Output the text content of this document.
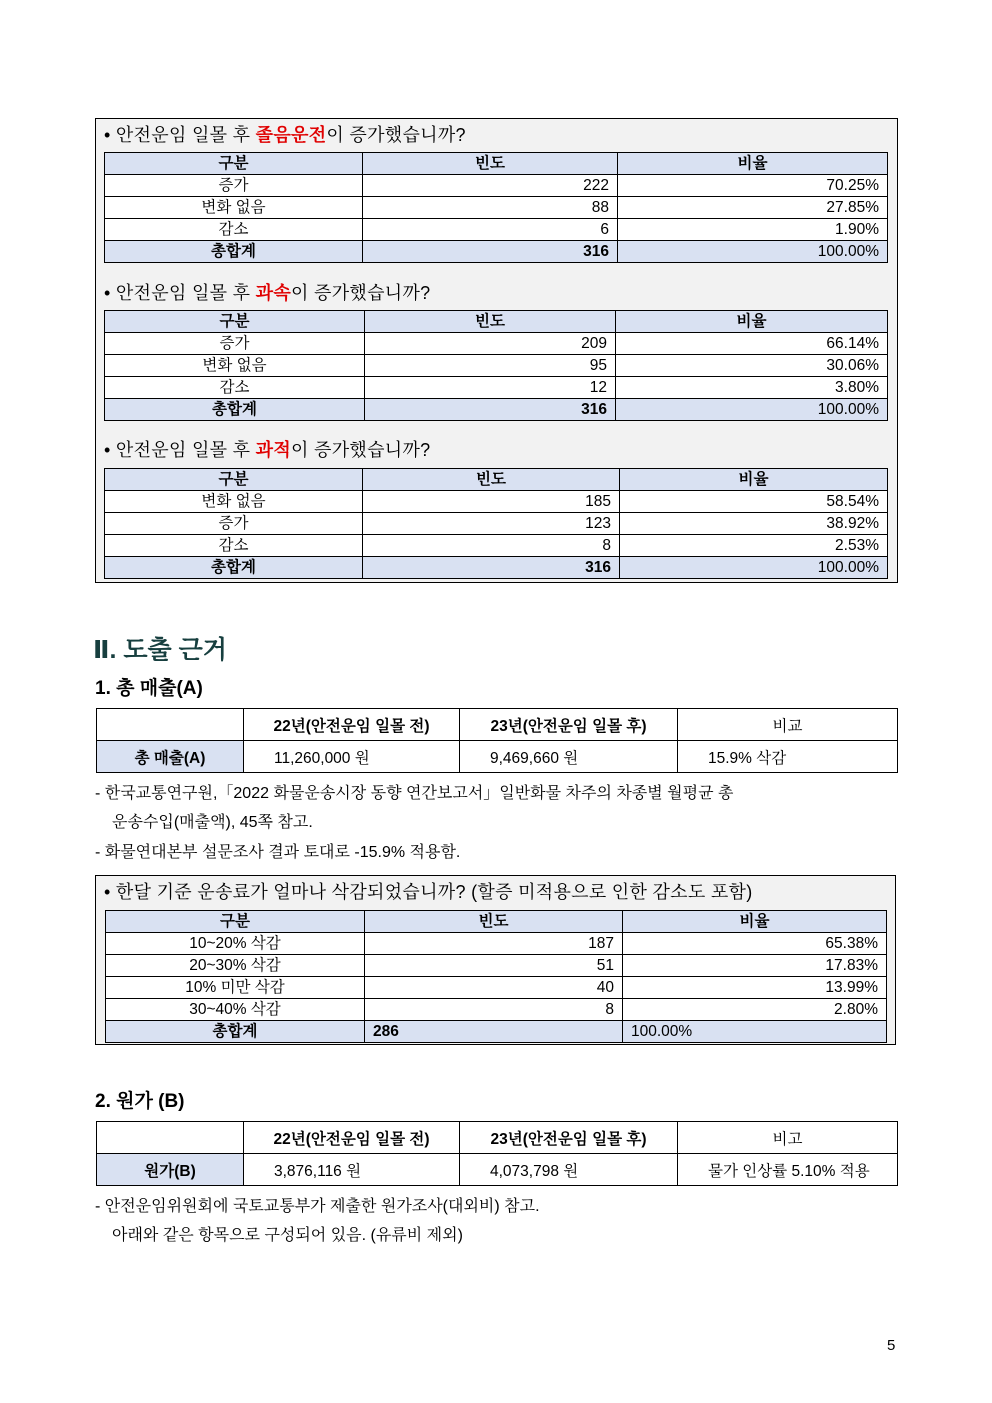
• 안전운임 일몰 후 졸음운전이 증가했습니까?
구분	빈도	비율
증가	222	70.25%
변화 없음	88	27.85%
감소	6	1.90%
총합계	316	100.00%
• 안전운임 일몰 후 과속이 증가했습니까?
구분	빈도	비율
증가	209	66.14%
변화 없음	95	30.06%
감소	12	3.80%
총합계	316	100.00%
• 안전운임 일몰 후 과적이 증가했습니까?
구분	빈도	비율
변화 없음	185	58.54%
증가	123	38.92%
감소	8	2.53%
총합계	316	100.00%
Ⅱ. 도출 근거
1. 총 매출(A)
	22년(안전운임 일몰 전)	23년(안전운임 일몰 후)	비교
총 매출(A)	11,260,000 원	9,469,660 원	15.9% 삭감
- 한국교통연구원,「2022 화물운송시장 동향 연간보고서」일반화물 차주의 차종별 월평균 총
운송수입(매출액), 45쪽 참고.
- 화물연대본부 설문조사 결과 토대로 -15.9% 적용함.
• 한달 기준 운송료가 얼마나 삭감되었습니까? (할증 미적용으로 인한 감소도 포함)
구분	빈도	비율
10~20% 삭감	187	65.38%
20~30% 삭감	51	17.83%
10% 미만 삭감	40	13.99%
30~40% 삭감	8	2.80%
총합계	286	100.00%
2. 원가 (B)
	22년(안전운임 일몰 전)	23년(안전운임 일몰 후)	비고
원가(B)	3,876,116 원	4,073,798 원	물가 인상률 5.10% 적용
- 안전운임위원회에 국토교통부가 제출한 원가조사(대외비) 참고.
아래와 같은 항목으로 구성되어 있음. (유류비 제외)
5
